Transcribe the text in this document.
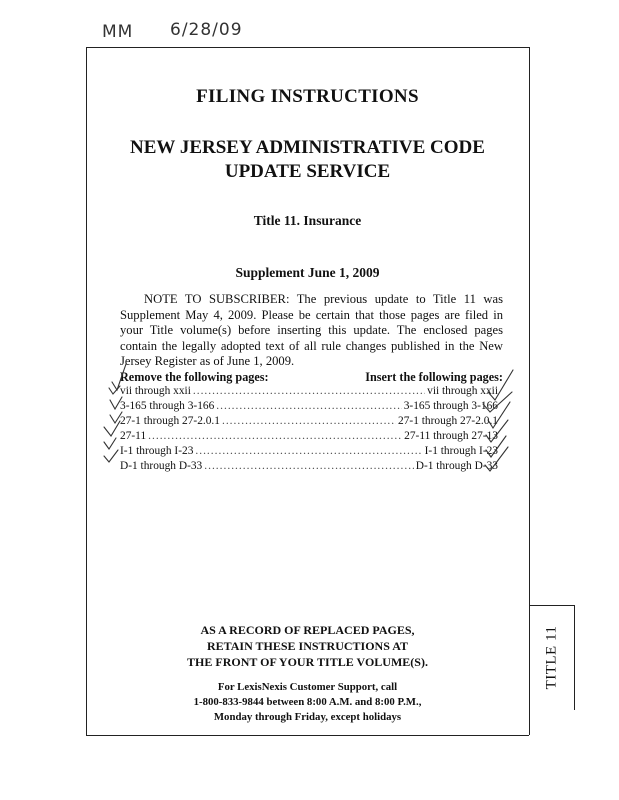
MM 6/28/09
TITLE 11
FILING INSTRUCTIONS
NEW JERSEY ADMINISTRATIVE CODE
UPDATE SERVICE
Title 11. Insurance
Supplement June 1, 2009
NOTE TO SUBSCRIBER: The previous update to Title 11 was Supplement May 4, 2009. Please be certain that those pages are filed in your Title volume(s) before inserting this update. The enclosed pages contain the legally adopted text of all rule changes published in the New Jersey Register as of June 1, 2009.
Remove the following pages:	Insert the following pages:
vii through xxii .....	vii through xxii
3-165 through 3-166 .....	3-165 through 3-166
27-1 through 27-2.0.1 .....	27-1 through 27-2.0.1
27-11 .....	27-11 through 27-13
I-1 through I-23 .....	I-1 through I-23
D-1 through D-33 .....	D-1 through D-33
AS A RECORD OF REPLACED PAGES,
RETAIN THESE INSTRUCTIONS AT
THE FRONT OF YOUR TITLE VOLUME(S).
For LexisNexis Customer Support, call
1-800-833-9844 between 8:00 A.M. and 8:00 P.M.,
Monday through Friday, except holidays
